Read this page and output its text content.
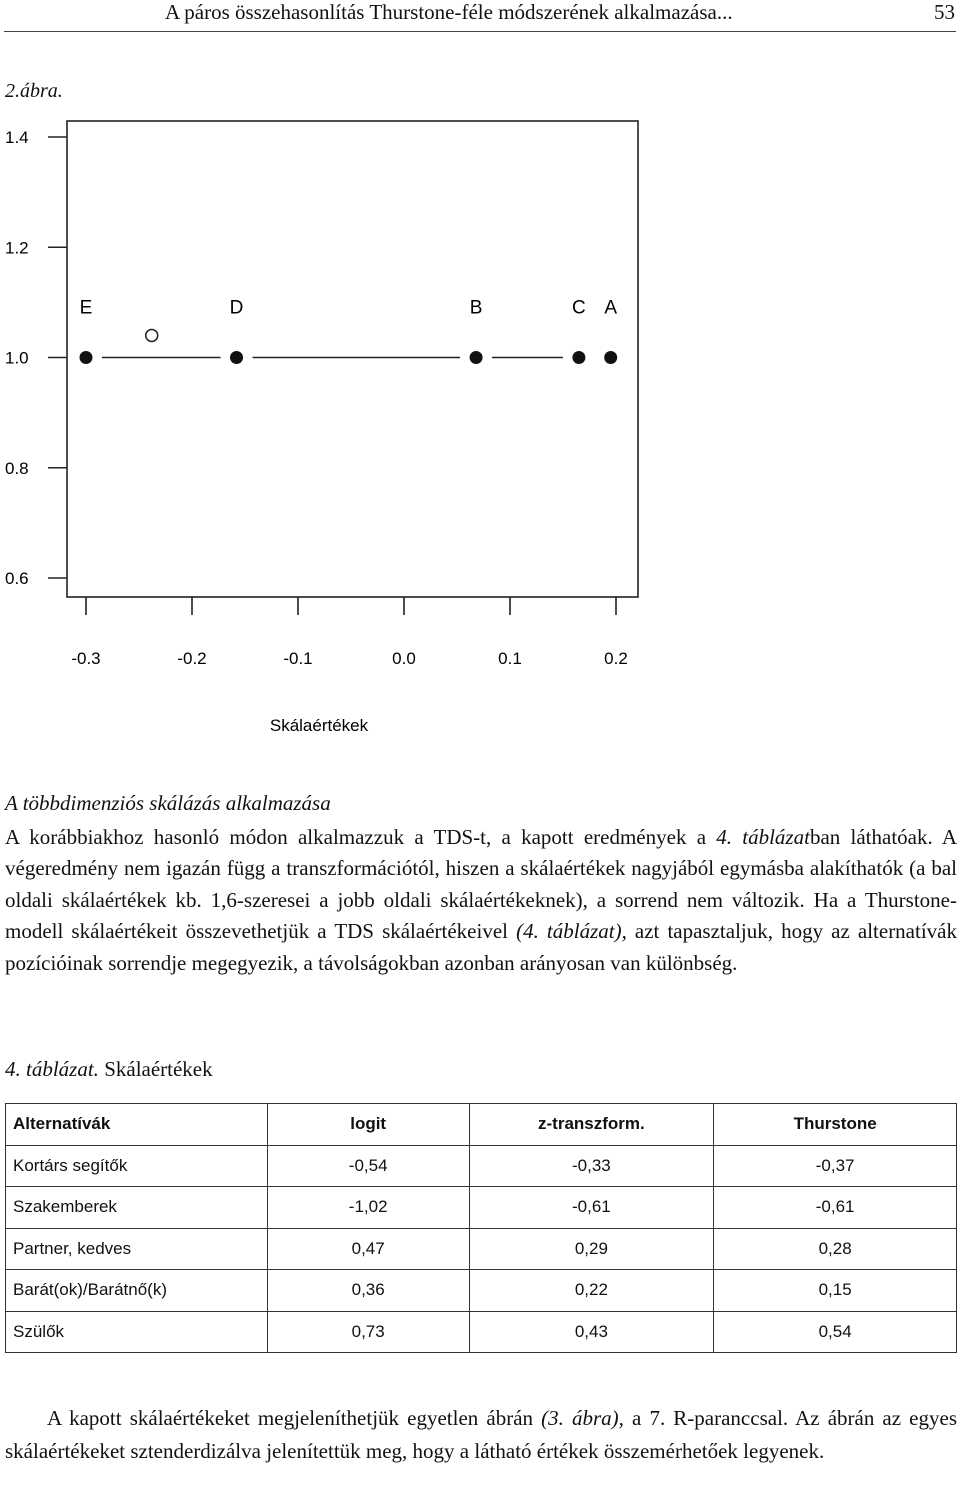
A páros összehasonlítás Thurstone-féle módszerének alkalmazása...	53
2.ábra.
1.4
1.2
1.0
0.8
0.6
-0.3	-0.2	-0.1	0.0	0.1	0.2
E	D	B	C A
Skálaértékek
A többdimenziós skálázás alkalmazása
A korábbiakhoz hasonló módon alkalmazzuk a TDS-t, a kapott eredmények a 4. táblázatban láthatóak. A végeredmény nem igazán függ a transzformációtól, hiszen a skálaértékek nagyjából egymásba alakíthatók (a bal oldali skálaértékek kb. 1,6-szeresei a jobb oldali skálaértékeknek), a sorrend nem változik. Ha a Thurstone-modell skálaértékeit összevethetjük a TDS skálaértékeivel (4. táblázat), azt tapasztaljuk, hogy az alternatívák pozícióinak sorrendje megegyezik, a távolságokban azonban arányosan van különbség.
4. táblázat. Skálaértékek
Alternatívák	logit	z-transzform.	Thurstone
Kortárs segítők	-0,54	-0,33	-0,37
Szakemberek	-1,02	-0,61	-0,61
Partner, kedves	0,47	0,29	0,28
Barát(ok)/Barátnő(k)	0,36	0,22	0,15
Szülők	0,73	0,43	0,54
A kapott skálaértékeket megjeleníthetjük egyetlen ábrán (3. ábra), a 7. R-paranccsal. Az ábrán az egyes skálaértékeket sztenderdizálva jelenítettük meg, hogy a látható értékek összemérhetőek legyenek.
